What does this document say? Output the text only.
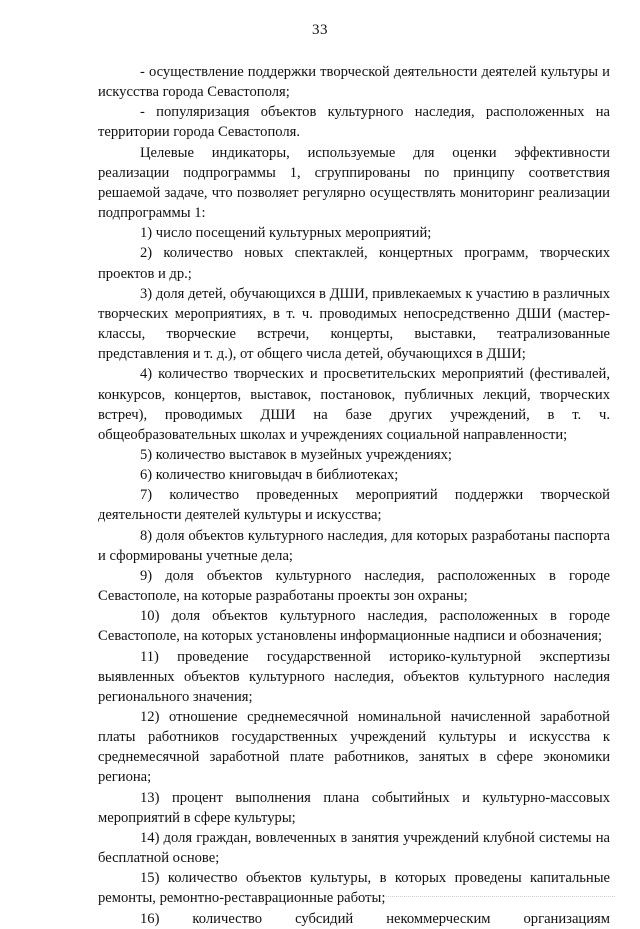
33

- осуществление поддержки творческой деятельности деятелей культуры и искусства города Севастополя;

- популяризация объектов культурного наследия, расположенных на территории города Севастополя.

Целевые индикаторы, используемые для оценки эффективности реализации подпрограммы 1, сгруппированы по принципу соответствия решаемой задаче, что позволяет регулярно осуществлять мониторинг реализации подпрограммы 1:

1) число посещений культурных мероприятий;

2) количество новых спектаклей, концертных программ, творческих проектов и др.;

3) доля детей, обучающихся в ДШИ, привлекаемых к участию в различных творческих мероприятиях, в т. ч. проводимых непосредственно ДШИ (мастер-классы, творческие встречи, концерты, выставки, театрализованные представления и т. д.), от общего числа детей, обучающихся в ДШИ;

4) количество творческих и просветительских мероприятий (фестивалей, конкурсов, концертов, выставок, постановок, публичных лекций, творческих встреч), проводимых ДШИ на базе других учреждений, в т. ч. общеобразовательных школах и учреждениях социальной направленности;

5) количество выставок в музейных учреждениях;

6) количество книговыдач в библиотеках;

7) количество проведенных мероприятий поддержки творческой деятельности деятелей культуры и искусства;

8) доля объектов культурного наследия, для которых разработаны паспорта и сформированы учетные дела;

9) доля объектов культурного наследия, расположенных в городе Севастополе, на которые разработаны проекты зон охраны;

10) доля объектов культурного наследия, расположенных в городе Севастополе, на которых установлены информационные надписи и обозначения;

11) проведение государственной историко-культурной экспертизы выявленных объектов культурного наследия, объектов культурного наследия регионального значения;

12) отношение среднемесячной номинальной начисленной заработной платы работников государственных учреждений культуры и искусства к среднемесячной заработной плате работников, занятых в сфере экономики региона;

13) процент выполнения плана событийных и культурно-массовых мероприятий в сфере культуры;

14) доля граждан, вовлеченных в занятия учреждений клубной системы на бесплатной основе;

15) количество объектов культуры, в которых проведены капитальные ремонты, ремонтно-реставрационные работы;

16) количество субсидий некоммерческим организациям
